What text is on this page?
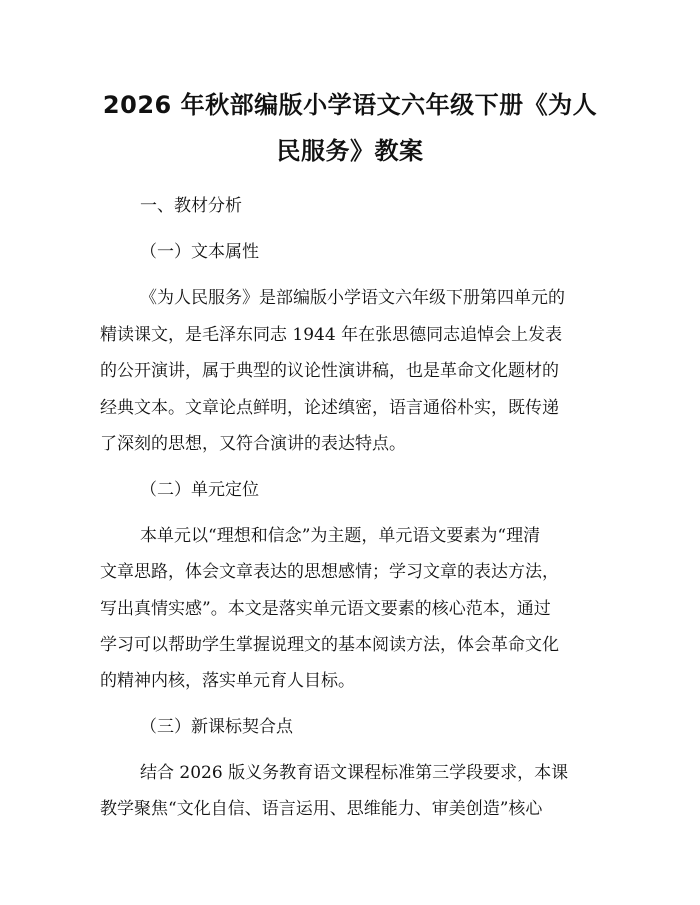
2026 年秋部编版小学语文六年级下册《为人
民服务》教案
一、教材分析
（一）文本属性
《为人民服务》是部编版小学语文六年级下册第四单元的
精读课文，是毛泽东同志 1944 年在张思德同志追悼会上发表
的公开演讲，属于典型的议论性演讲稿，也是革命文化题材的
经典文本。文章论点鲜明，论述缜密，语言通俗朴实，既传递
了深刻的思想，又符合演讲的表达特点。
（二）单元定位
本单元以“理想和信念”为主题，单元语文要素为“理清
文章思路，体会文章表达的思想感情；学习文章的表达方法，
写出真情实感”。本文是落实单元语文要素的核心范本，通过
学习可以帮助学生掌握说理文的基本阅读方法，体会革命文化
的精神内核，落实单元育人目标。
（三）新课标契合点
结合 2026 版义务教育语文课程标准第三学段要求，本课
教学聚焦“文化自信、语言运用、思维能力、审美创造”核心
